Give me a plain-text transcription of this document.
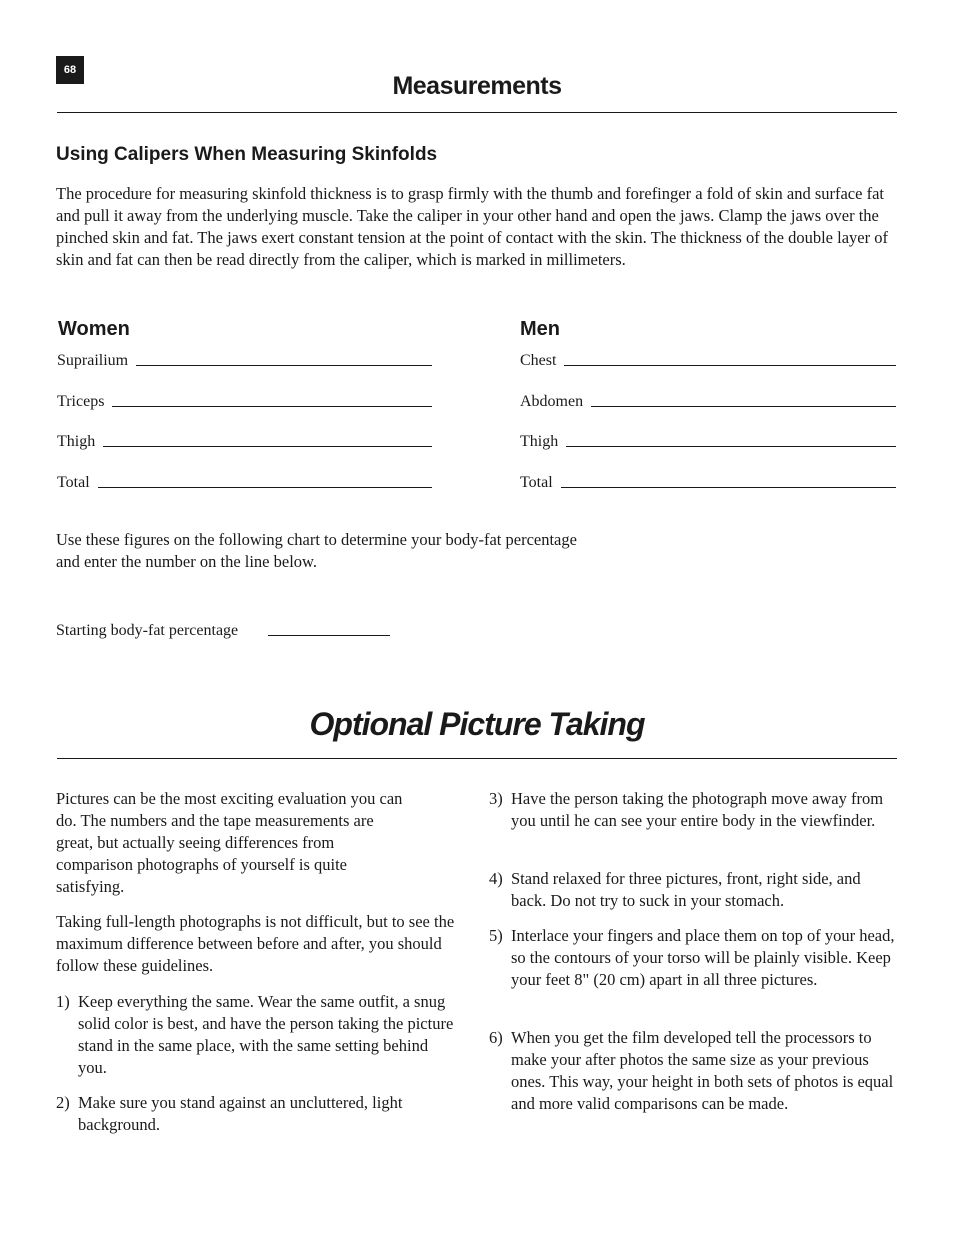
68
Measurements
Using Calipers When Measuring Skinfolds

The procedure for measuring skinfold thickness is to grasp firmly with the thumb and forefinger a fold of skin and surface fat and pull it away from the underlying muscle. Take the caliper in your other hand and open the jaws. Clamp the jaws over the pinched skin and fat. The jaws exert constant tension at the point of contact with the skin. The thickness of the double layer of skin and fat can then be read directly from the caliper, which is marked in millimeters.

Women
Suprailium
Triceps
Thigh
Total
Men
Chest
Abdomen
Thigh
Total

Use these figures on the following chart to determine your body-fat percentage
and enter the number on the line below.

Starting body-fat percentage
Optional Picture Taking

Pictures can be the most exciting evaluation you can do. The numbers and the tape measurements are great, but actually seeing differences from comparison photographs of yourself is quite satisfying.

Taking full-length photographs is not difficult, but to see the maximum difference between before and after, you should follow these guidelines.

1) Keep everything the same. Wear the same outfit, a snug solid color is best, and have the person taking the picture stand in the same place, with the same setting behind you.
2) Make sure you stand against an uncluttered, light background.
3) Have the person taking the photograph move away from you until he can see your entire body in the viewfinder.
4) Stand relaxed for three pictures, front, right side, and back. Do not try to suck in your stomach.
5) Interlace your fingers and place them on top of your head, so the contours of your torso will be plainly visible. Keep your feet 8" (20 cm) apart in all three pictures.
6) When you get the film developed tell the processors to make your after photos the same size as your previous ones. This way, your height in both sets of photos is equal and more valid comparisons can be made.
